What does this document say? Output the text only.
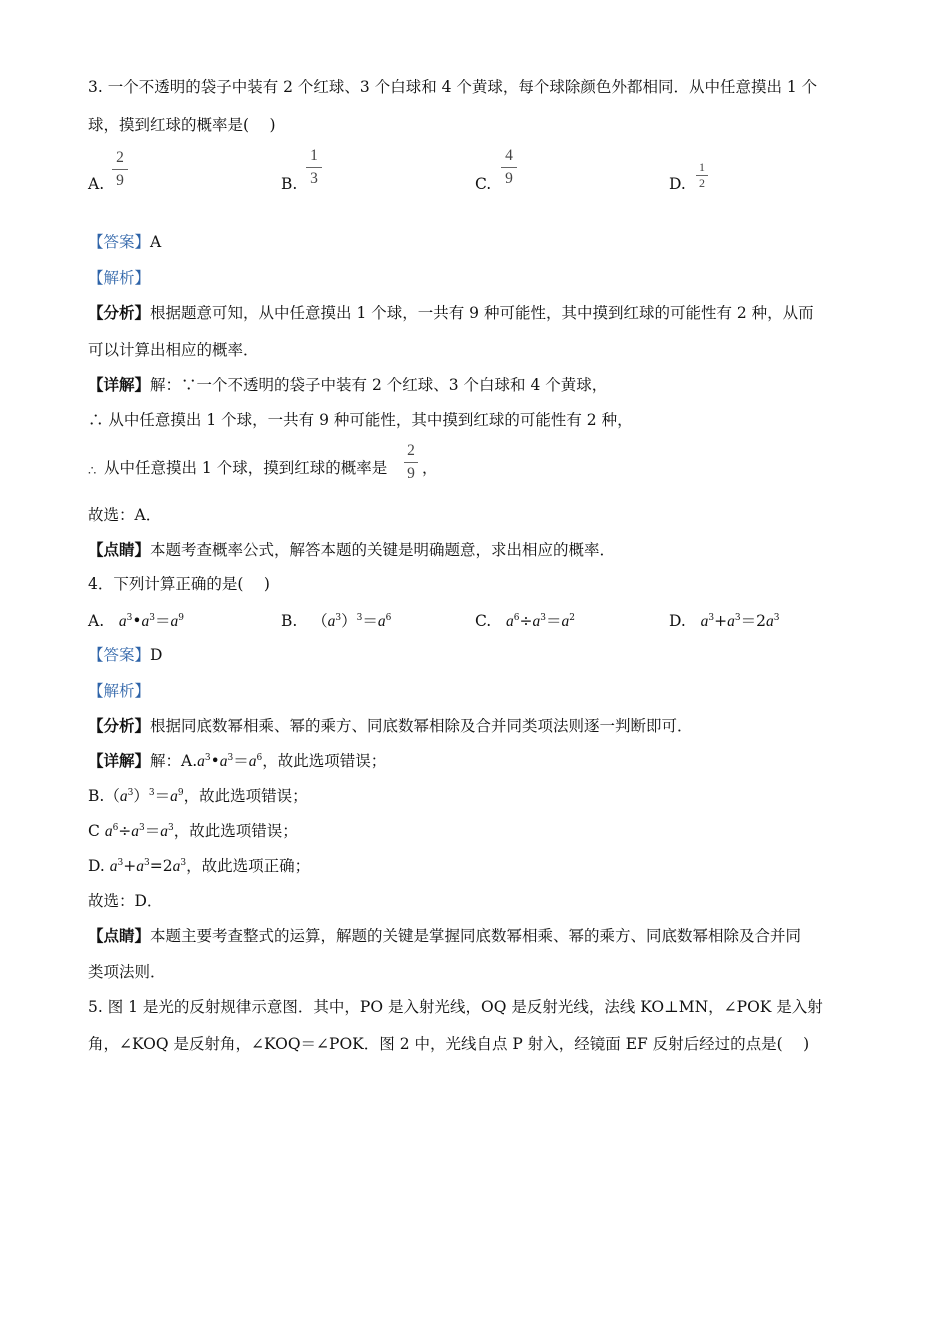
3. 一个不透明的袋子中装有 2 个红球、3 个白球和 4 个黄球，每个球除颜色外都相同．从中任意摸出 1 个
球，摸到红球的概率是(　 )
A.
2
9	B.
1
3	C.
4
9	D.
1
2
【答案】A
【解析】
【分析】根据题意可知，从中任意摸出 1 个球，一共有 9 种可能性，其中摸到红球的可能性有 2 种，从而
可以计算出相应的概率．
【详解】解：∵一个不透明的袋子中装有 2 个红球、3 个白球和 4 个黄球，
∴ 从中任意摸出 1 个球，一共有 9 种可能性，其中摸到红球的可能性有 2 种，
∴ 从中任意摸出 1 个球，摸到红球的概率是
2
9 ，
故选：A．
【点睛】本题考查概率公式，解答本题的关键是明确题意，求出相应的概率．
4．下列计算正确的是(　 )
A. $a^3•a^3=a^9$	B.   $(a^3)^3=a^6$	C. $a^6\div a^3=a^2$	D. $a^3+a^3=2a^3$
【答案】D
【解析】
【分析】根据同底数幂相乘、幂的乘方、同底数幂相除及合并同类项法则逐一判断即可．
【详解】解：$A.a^3•a^3=a^6$，故此选项错误；
$B.(a^3)^3=a^9$，故此选项错误；
C $a^6\div a^3=a^3$，故此选项错误；
D. $a^3+a^3=2a^3$，故此选项正确；
故选：D．
【点睛】本题主要考查整式的运算，解题的关键是掌握同底数幂相乘、幂的乘方、同底数幂相除及合并同
类项法则．
5. 图 1 是光的反射规律示意图．其中，PO 是入射光线，OQ 是反射光线，法线 KO⊥MN，∠POK 是入射
角，∠KOQ 是反射角，∠KOQ＝∠POK．图 2 中，光线自点 P 射入，经镜面 EF 反射后经过的点是(　 )
